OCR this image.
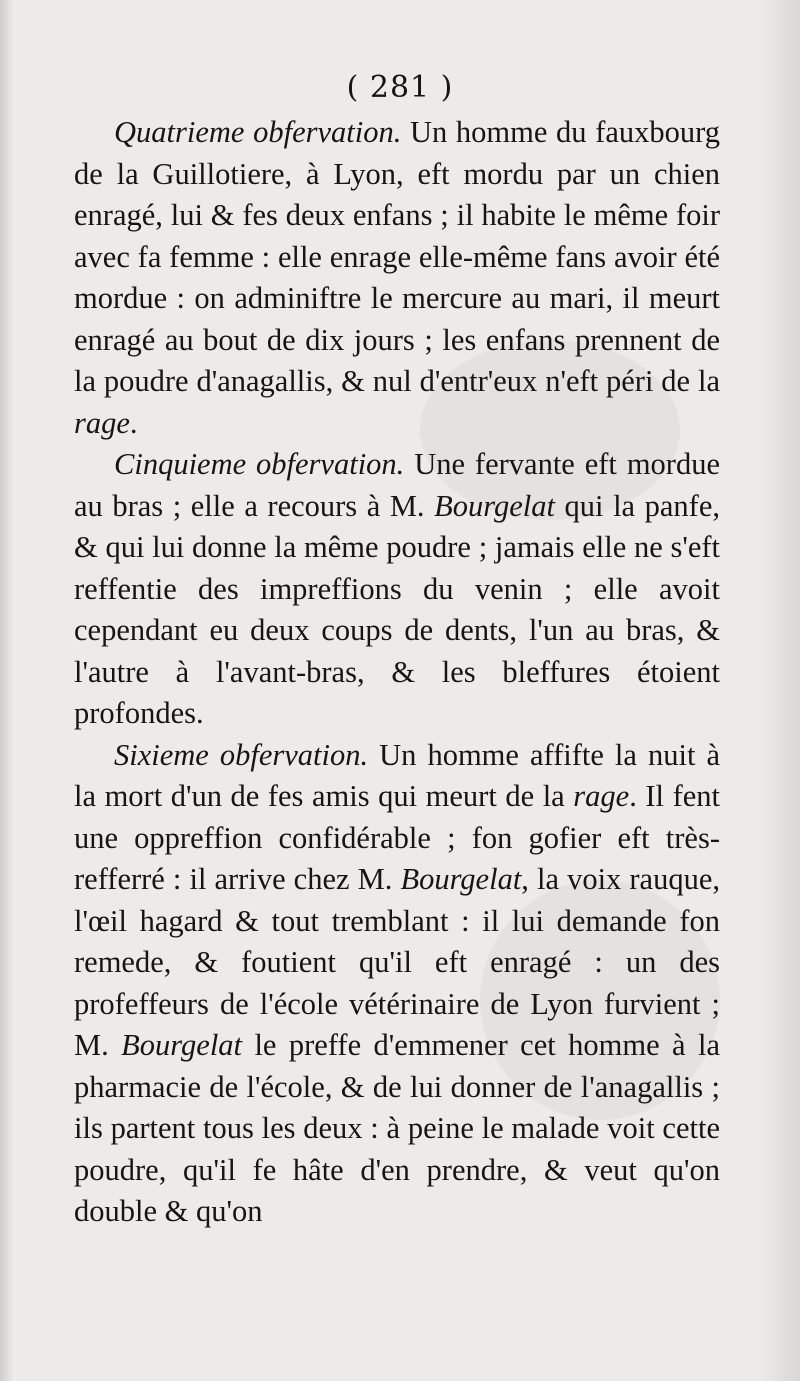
( 281 )

Quatrieme obfervation. Un homme du fauxbourg de la Guillotiere, à Lyon, eft mordu par un chien enragé, lui & fes deux enfans ; il habite le même foir avec fa femme : elle enrage elle-même fans avoir été mordue : on adminiftre le mercure au mari, il meurt enragé au bout de dix jours ; les enfans prennent de la poudre d'anagallis, & nul d'entr'eux n'eft péri de la rage.

Cinquieme obfervation. Une fervante eft mordue au bras ; elle a recours à M. Bourgelat qui la panfe, & qui lui donne la même poudre ; jamais elle ne s'eft reffentie des impreffions du venin ; elle avoit cependant eu deux coups de dents, l'un au bras, & l'autre à l'avant-bras, & les bleffures étoient profondes.

Sixieme obfervation. Un homme affifte la nuit à la mort d'un de fes amis qui meurt de la rage. Il fent une oppreffion confidérable ; fon gofier eft très-refferré : il arrive chez M. Bourgelat, la voix rauque, l'œil hagard & tout tremblant : il lui demande fon remede, & foutient qu'il eft enragé : un des profeffeurs de l'école vétérinaire de Lyon furvient ; M. Bourgelat le preffe d'emmener cet homme à la pharmacie de l'école, & de lui donner de l'anagallis ; ils partent tous les deux : à peine le malade voit cette poudre, qu'il fe hâte d'en prendre, & veut qu'on double & qu'on
